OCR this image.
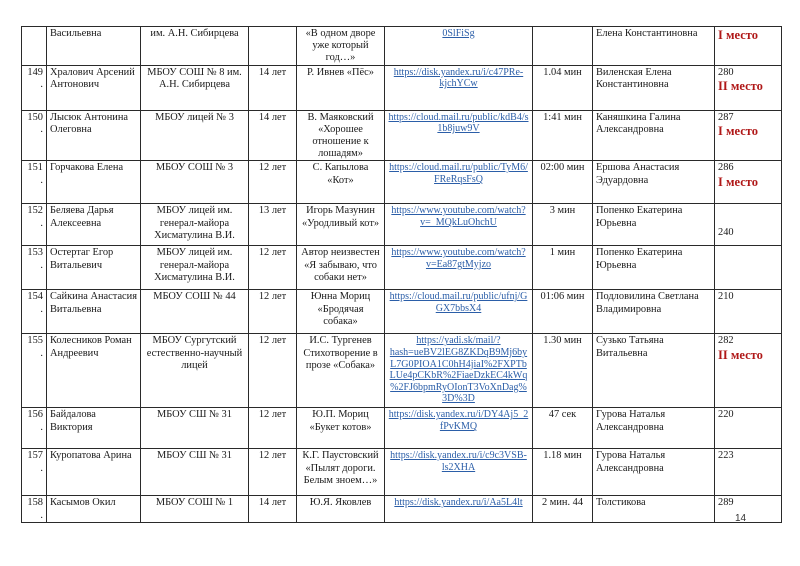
	Васильевна	им. А.Н. Сибирцева		«В одном дворе уже который год…»	0SlFiSg		Елена Константиновна	I место

149.	Хралович Арсений Антонович	МБОУ СОШ № 8 им. А.Н. Сибирцева	14 лет	Р. Ивнев «Пёс»	https://disk.yandex.ru/i/c47PRe-kjchYCw	1.04 мин	Виленская Елена Константиновна	280
II место

150.	Лысюк Антонина Олеговна	МБОУ лицей № 3	14 лет	В. Маяковский «Хорошее отношение к лошадям»	https://cloud.mail.ru/public/kdB4/s1b8juw9V	1:41 мин	Каняшкина Галина Александровна	287
I место

151.	Горчакова Елена	МБОУ СОШ № 3	12 лет	С. Капылова «Кот»	https://cloud.mail.ru/public/TyM6/FReRqsFsQ	02:00 мин	Ершова Анастасия Эдуардовна	286
I место

152.	Беляева Дарья Алексеевна	МБОУ лицей им. генерал-майора Хисматулина В.И.	13 лет	Игорь Мазунин «Уродливый кот»	https://www.youtube.com/watch?v=_MQkLuOhchU	3 мин	Попенко Екатерина Юрьевна	240

153.	Остертаг Егор Витальевич	МБОУ лицей им. генерал-майора Хисматулина В.И.	12 лет	Автор неизвестен «Я забываю, что собаки нет»	https://www.youtube.com/watch?v=Ea87gtMyjzo	1 мин	Попенко Екатерина Юрьевна	

154.	Сайкина Анастасия Витальевна	МБОУ СОШ № 44	12 лет	Юнна Мориц «Бродячая собака»	https://cloud.mail.ru/public/ufnj/GGX7bbsX4	01:06 мин	Подловилина Светлана Владимировна	210

155.	Колесников Роман Андреевич	МБОУ Сургутский естественно-научный лицей	12 лет	И.С. Тургенев Стихотворение в прозе «Собака»	https://yadi.sk/mail/?hash=ueBV2lEG8ZKDqB9Mj6byL7G0PIOA1C0hH4jiaI%2FXPTbLUe4pCKbR%2FiaeDzkEC4kWq%2FJ6bpmRyOIonT3VoXnDag%3D%3D	1.30 мин	Сузько Татьяна Витальевна	282
II место

156.	Байдалова Виктория	МБОУ СШ № 31	12 лет	Ю.П. Мориц «Букет котов»	https://disk.yandex.ru/i/DY4Aj5_2fPvKMQ	47 сек	Гурова Наталья Александровна	220

157.	Куропатова Арина	МБОУ СШ № 31	12 лет	К.Г. Паустовский «Пылят дороги. Белым зноем…»	https://disk.yandex.ru/i/c9c3VSB-ls2XHA	1.18 мин	Гурова Наталья Александровна	223

158.	Касымов Окил	МБОУ СОШ № 1	14 лет	Ю.Я. Яковлев	https://disk.yandex.ru/i/Aa5L4lt	2 мин. 44	Толстикова	289
14
